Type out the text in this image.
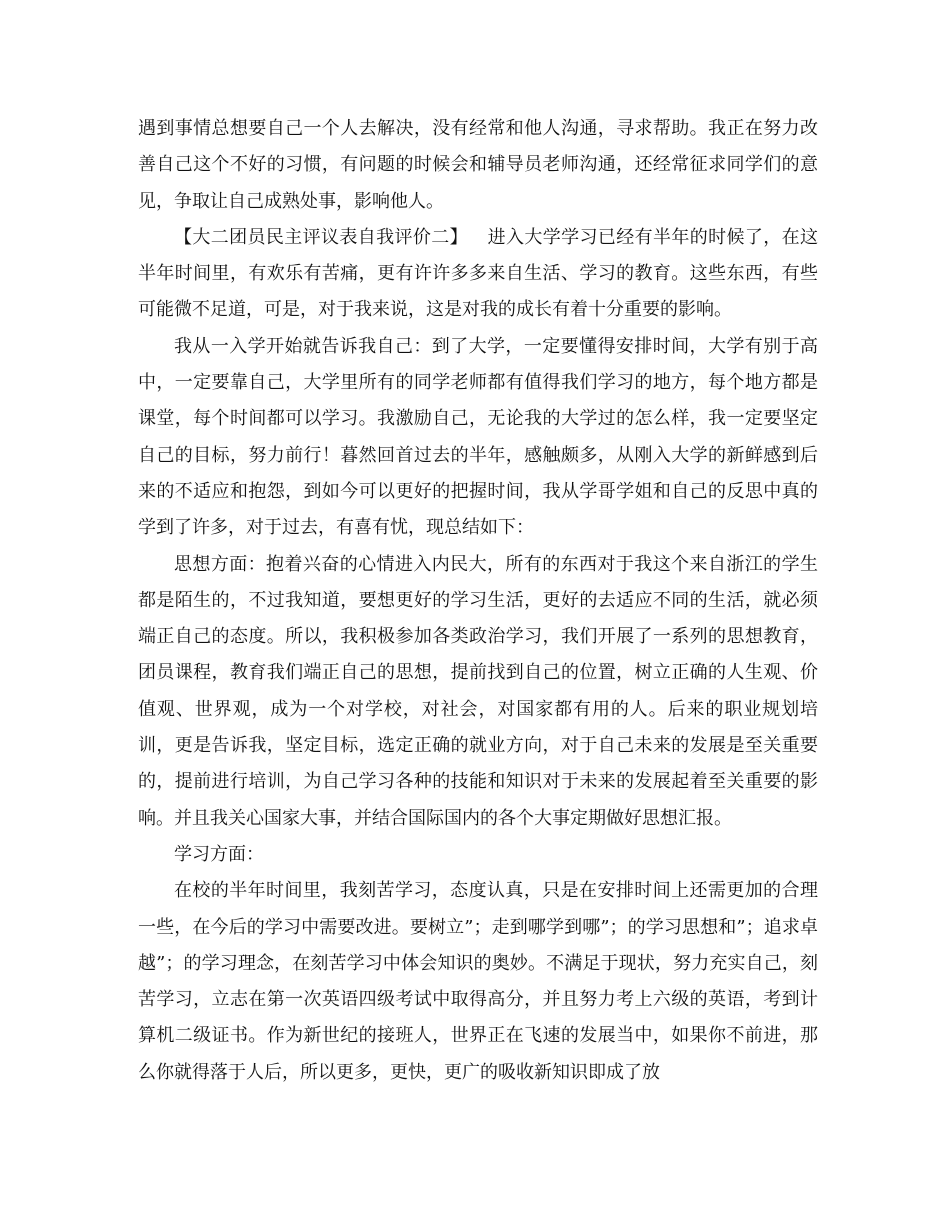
遇到事情总想要自己一个人去解决，没有经常和他人沟通，寻求帮助。我正在努力改善自己这个不好的习惯，有问题的时候会和辅导员老师沟通，还经常征求同学们的意见，争取让自己成熟处事，影响他人。

【大二团员民主评议表自我评价二】	进入大学学习已经有半年的时候了，在这半年时间里，有欢乐有苦痛，更有许许多多来自生活、学习的教育。这些东西，有些可能微不足道，可是，对于我来说，这是对我的成长有着十分重要的影响。

我从一入学开始就告诉我自己：到了大学，一定要懂得安排时间，大学有别于高中，一定要靠自己，大学里所有的同学老师都有值得我们学习的地方，每个地方都是课堂，每个时间都可以学习。我激励自己，无论我的大学过的怎么样，我一定要坚定自己的目标，努力前行！暮然回首过去的半年，感触颇多，从刚入大学的新鲜感到后来的不适应和抱怨，到如今可以更好的把握时间，我从学哥学姐和自己的反思中真的学到了许多，对于过去，有喜有忧，现总结如下：

思想方面：抱着兴奋的心情进入内民大，所有的东西对于我这个来自浙江的学生都是陌生的，不过我知道，要想更好的学习生活，更好的去适应不同的生活，就必须端正自己的态度。所以，我积极参加各类政治学习，我们开展了一系列的思想教育，团员课程，教育我们端正自己的思想，提前找到自己的位置，树立正确的人生观、价值观、世界观，成为一个对学校，对社会，对国家都有用的人。后来的职业规划培训，更是告诉我，坚定目标，选定正确的就业方向，对于自己未来的发展是至关重要的，提前进行培训，为自己学习各种的技能和知识对于未来的发展起着至关重要的影响。并且我关心国家大事，并结合国际国内的各个大事定期做好思想汇报。

学习方面：

在校的半年时间里，我刻苦学习，态度认真，只是在安排时间上还需更加的合理一些，在今后的学习中需要改进。要树立”；走到哪学到哪”；的学习思想和”；追求卓越”；的学习理念，在刻苦学习中体会知识的奥妙。不满足于现状，努力充实自己，刻苦学习，立志在第一次英语四级考试中取得高分，并且努力考上六级的英语，考到计算机二级证书。作为新世纪的接班人，世界正在飞速的发展当中，如果你不前进，那么你就得落于人后，所以更多，更快，更广的吸收新知识即成了放
